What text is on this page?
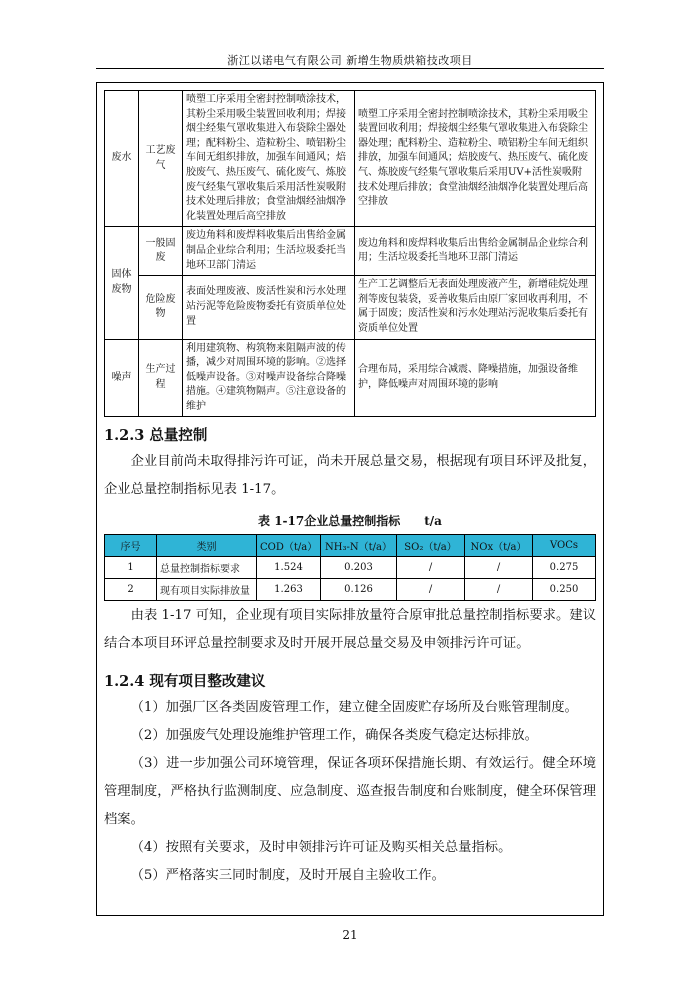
浙江以诺电气有限公司 新增生物质烘箱技改项目
废水	工艺废气	喷塑工序采用全密封控制喷涂技术，其粉尘采用吸尘装置回收利用；焊接烟尘经集气罩收集进入布袋除尘器处理；配料粉尘、造粒粉尘、喷铝粉尘车间无组织排放，加强车间通风；焙胶废气、热压废气、硫化废气、炼胶废气经集气罩收集后采用活性炭吸附技术处理后排放；食堂油烟经油烟净化装置处理后高空排放	喷塑工序采用全密封控制喷涂技术，其粉尘采用吸尘装置回收利用；焊接烟尘经集气罩收集进入布袋除尘器处理；配料粉尘、造粒粉尘、喷铝粉尘车间无组织排放，加强车间通风；焙胶废气、热压废气、硫化废气、炼胶废气经集气罩收集后采用UV+活性炭吸附技术处理后排放；食堂油烟经油烟净化装置处理后高空排放
固体废物	一般固废	废边角料和废焊料收集后出售给金属制品企业综合利用；生活垃圾委托当地环卫部门清运	废边角料和废焊料收集后出售给金属制品企业综合利用；生活垃圾委托当地环卫部门清运
	危险废物	表面处理废液、废活性炭和污水处理站污泥等危险废物委托有资质单位处置	生产工艺调整后无表面处理废液产生，新增硅烷处理剂等废包装袋，妥善收集后由原厂家回收再利用，不属于固废；废活性炭和污水处理站污泥收集后委托有资质单位处置
噪声	生产过程	利用建筑物、构筑物来阻隔声波的传播，减少对周围环境的影响。②选择低噪声设备。③对噪声设备综合降噪措施。④建筑物隔声。⑤注意设备的维护	合理布局，采用综合减震、降噪措施，加强设备维护，降低噪声对周围环境的影响
1.2.3 总量控制
企业目前尚未取得排污许可证，尚未开展总量交易，根据现有项目环评及批复，企业总量控制指标见表 1-17。
表 1-17企业总量控制指标　　t/a
序号	类别	COD（t/a）	NH₃-N（t/a）	SO₂（t/a）	NOx（t/a）	VOCs
1	总量控制指标要求	1.524	0.203	/	/	0.275
2	现有项目实际排放量	1.263	0.126	/	/	0.250
由表 1-17 可知，企业现有项目实际排放量符合原审批总量控制指标要求。建议结合本项目环评总量控制要求及时开展开展总量交易及申领排污许可证。
1.2.4 现有项目整改建议
（1）加强厂区各类固废管理工作，建立健全固废贮存场所及台账管理制度。
（2）加强废气处理设施维护管理工作，确保各类废气稳定达标排放。
（3）进一步加强公司环境管理，保证各项环保措施长期、有效运行。健全环境管理制度，严格执行监测制度、应急制度、巡查报告制度和台账制度，健全环保管理档案。
（4）按照有关要求，及时申领排污许可证及购买相关总量指标。
（5）严格落实三同时制度，及时开展自主验收工作。
21
